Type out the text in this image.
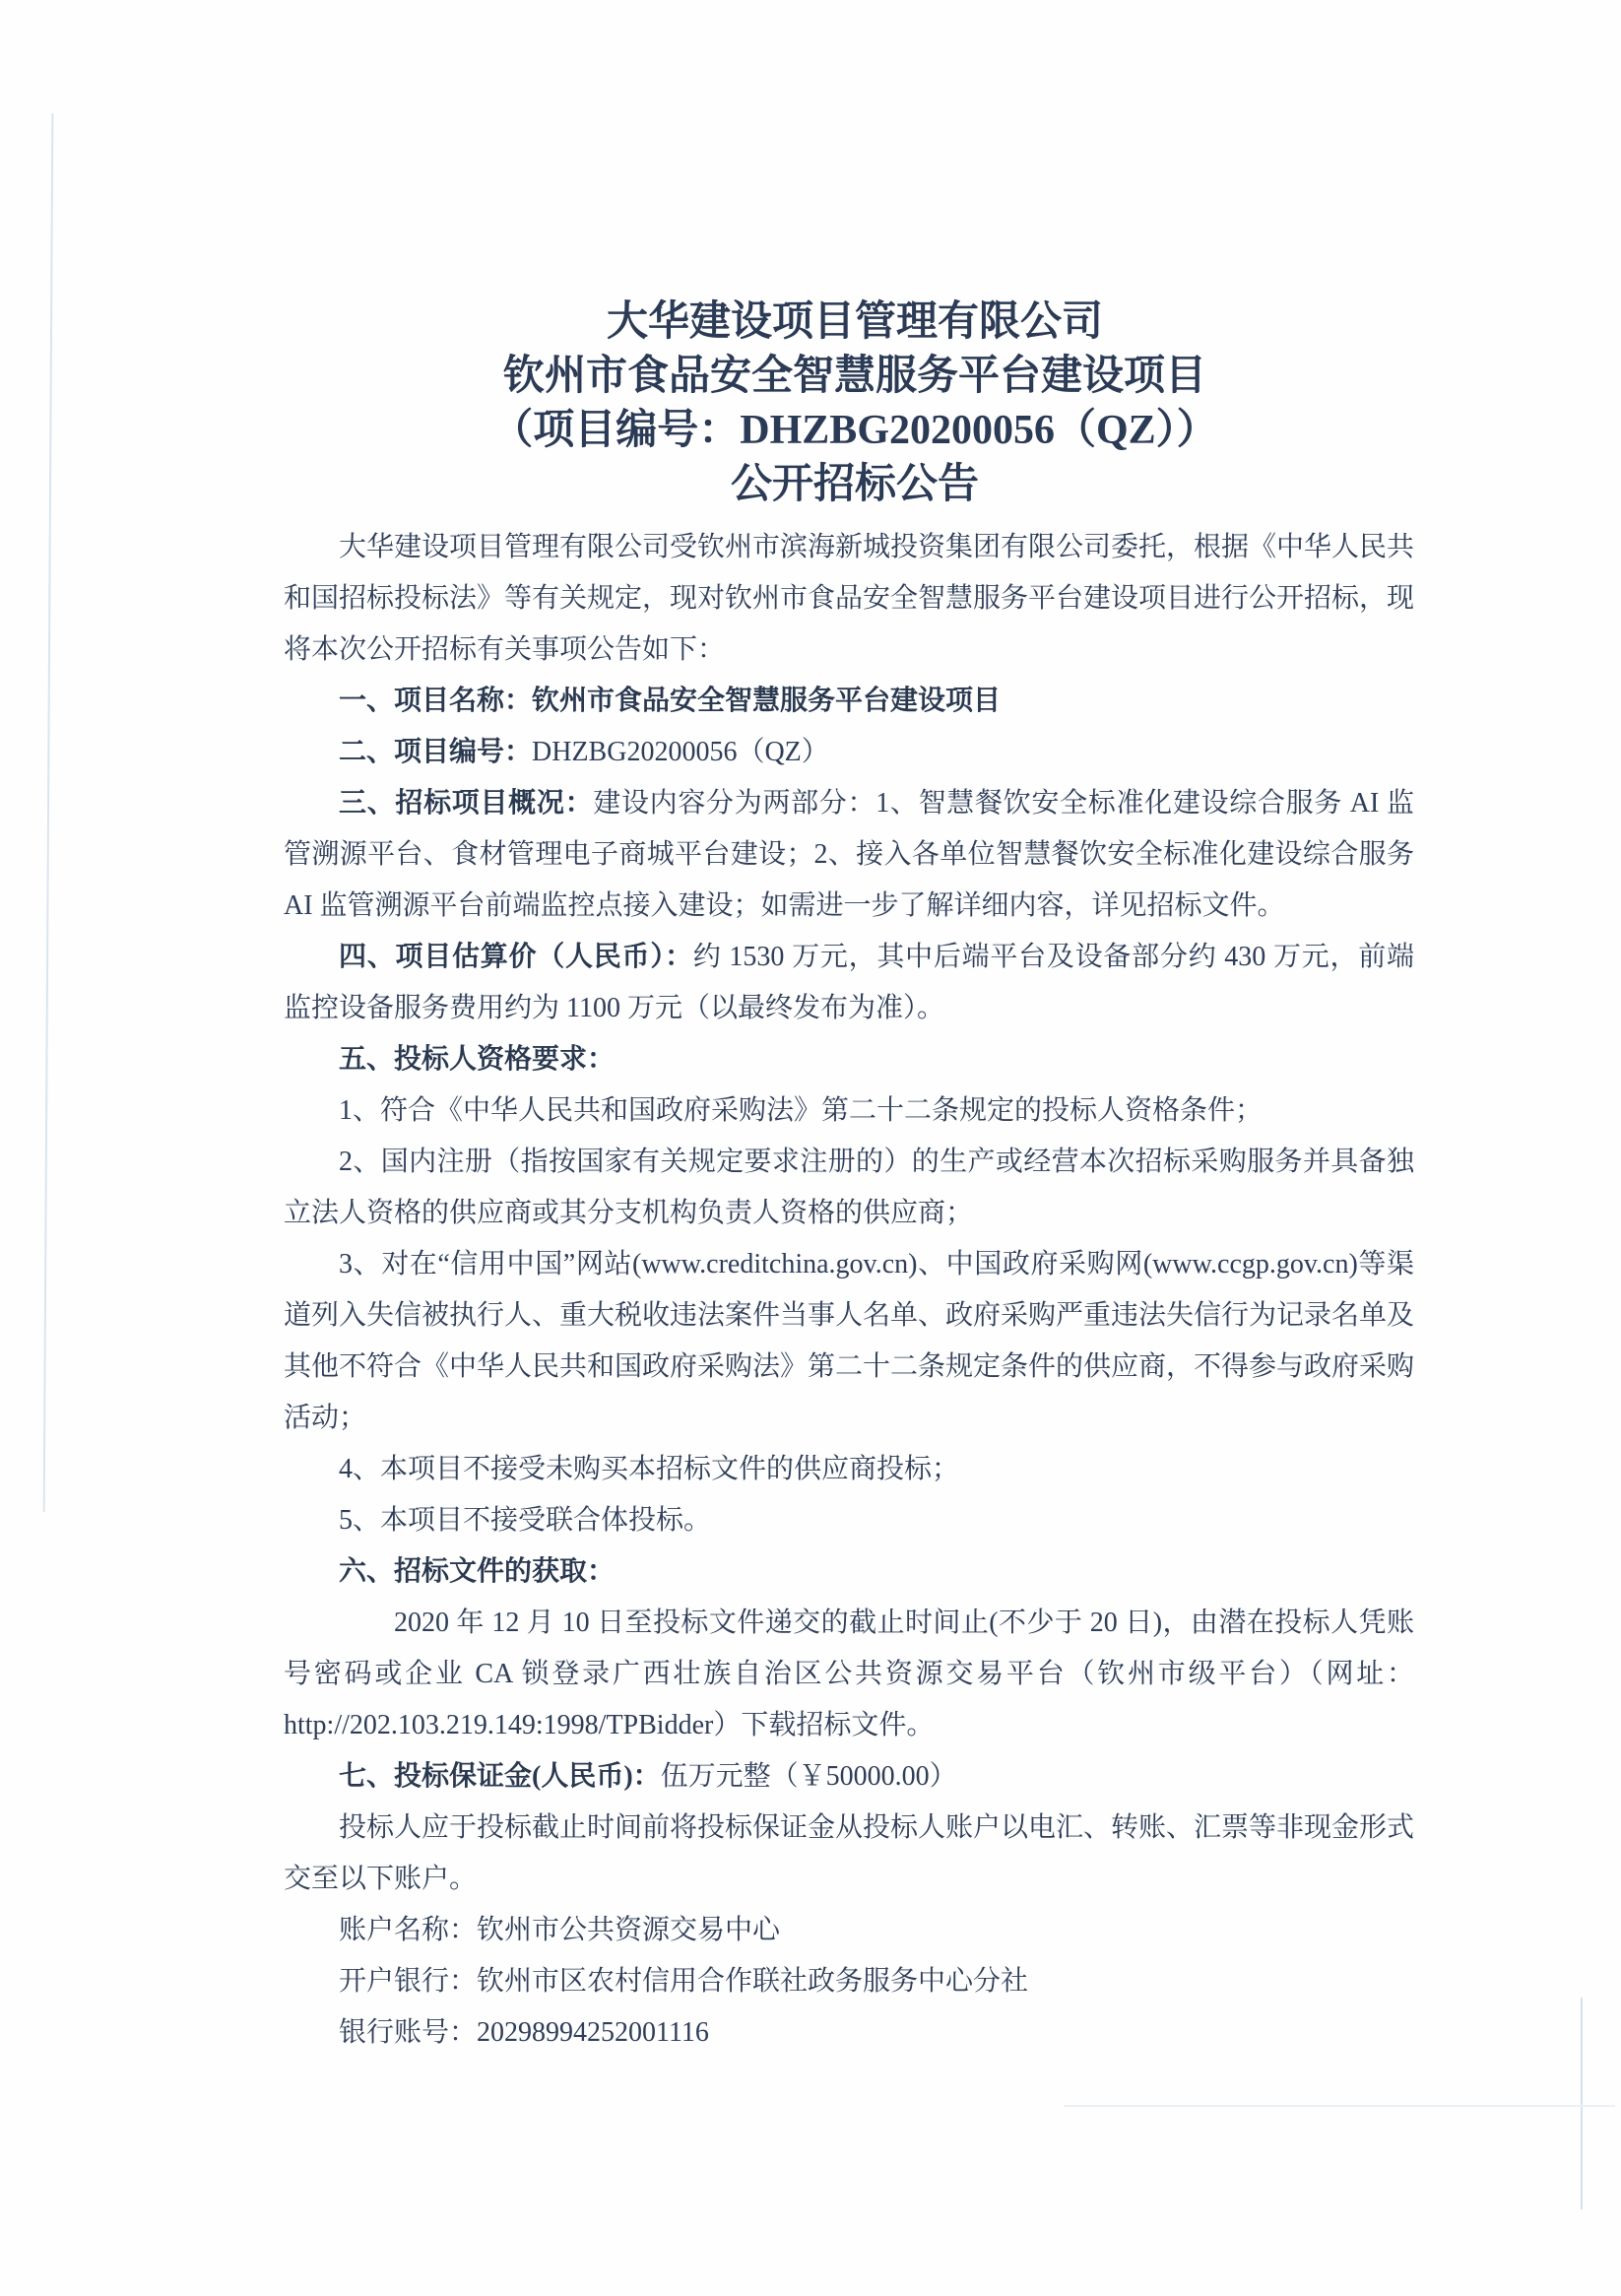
大华建设项目管理有限公司
钦州市食品安全智慧服务平台建设项目
（项目编号：DHZBG20200056（QZ））
公开招标公告

大华建设项目管理有限公司受钦州市滨海新城投资集团有限公司委托，根据《中华人民共和国招标投标法》等有关规定，现对钦州市食品安全智慧服务平台建设项目进行公开招标，现将本次公开招标有关事项公告如下：

一、项目名称：钦州市食品安全智慧服务平台建设项目

二、项目编号：DHZBG20200056（QZ）

三、招标项目概况：建设内容分为两部分：1、智慧餐饮安全标准化建设综合服务 AI 监管溯源平台、食材管理电子商城平台建设；2、接入各单位智慧餐饮安全标准化建设综合服务 AI 监管溯源平台前端监控点接入建设；如需进一步了解详细内容，详见招标文件。

四、项目估算价（人民币）：约 1530 万元，其中后端平台及设备部分约 430 万元，前端监控设备服务费用约为 1100 万元（以最终发布为准）。

五、投标人资格要求：

1、符合《中华人民共和国政府采购法》第二十二条规定的投标人资格条件；

2、国内注册（指按国家有关规定要求注册的）的生产或经营本次招标采购服务并具备独立法人资格的供应商或其分支机构负责人资格的供应商；

3、对在“信用中国”网站(www.creditchina.gov.cn)、中国政府采购网(www.ccgp.gov.cn)等渠道列入失信被执行人、重大税收违法案件当事人名单、政府采购严重违法失信行为记录名单及其他不符合《中华人民共和国政府采购法》第二十二条规定条件的供应商，不得参与政府采购活动；

4、本项目不接受未购买本招标文件的供应商投标；

5、本项目不接受联合体投标。

六、招标文件的获取：

2020 年 12 月 10 日至投标文件递交的截止时间止(不少于 20 日)，由潜在投标人凭账号密码或企业 CA 锁登录广西壮族自治区公共资源交易平台（钦州市级平台）（网址：http://202.103.219.149:1998/TPBidder）下载招标文件。

七、投标保证金(人民币)：伍万元整（￥50000.00）

投标人应于投标截止时间前将投标保证金从投标人账户以电汇、转账、汇票等非现金形式交至以下账户。

账户名称：钦州市公共资源交易中心

开户银行：钦州市区农村信用合作联社政务服务中心分社

银行账号：20298994252001116
